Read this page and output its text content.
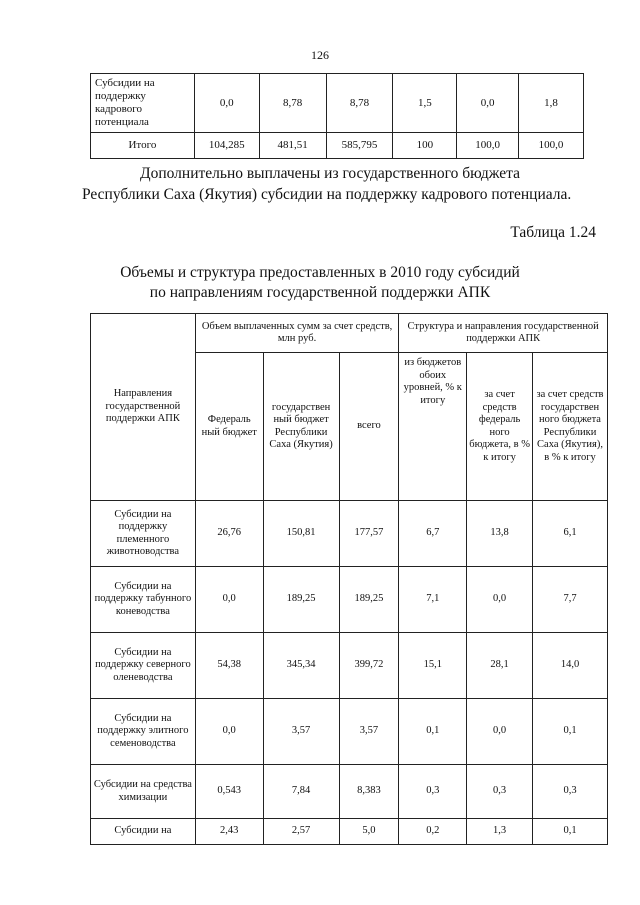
126
Субсидии на поддержку кадрового потенциала	0,0	8,78	8,78	1,5	0,0	1,8
Итого	104,285	481,51	585,795	100	100,0	100,0
Дополнительно выплачены из государственного бюджета Республики Саха (Якутия) субсидии на поддержку кадрового потенциала.
Таблица 1.24
Объемы и структура предоставленных в 2010 году субсидий
по направлениям государственной поддержки АПК
Направления государственной поддержки АПК	Объем выплаченных сумм за счет средств, млн руб.			Структура и направления государственной поддержки АПК		
	Федераль ный бюджет	государствен ный бюджет Республики Саха (Якутия)	всего	из бюджетов обоих уровней, % к итогу	за счет средств федераль ного бюджета, в % к итогу	за счет средств государствен ного бюджета Республики Саха (Якутия), в % к итогу
Субсидии на поддержку племенного животноводства	26,76	150,81	177,57	6,7	13,8	6,1
Субсидии на поддержку табунного коневодства	0,0	189,25	189,25	7,1	0,0	7,7
Субсидии на поддержку северного оленеводства	54,38	345,34	399,72	15,1	28,1	14,0
Субсидии на поддержку элитного семеноводства	0,0	3,57	3,57	0,1	0,0	0,1
Субсидии на средства химизации	0,543	7,84	8,383	0,3	0,3	0,3
Субсидии на	2,43	2,57	5,0	0,2	1,3	0,1
